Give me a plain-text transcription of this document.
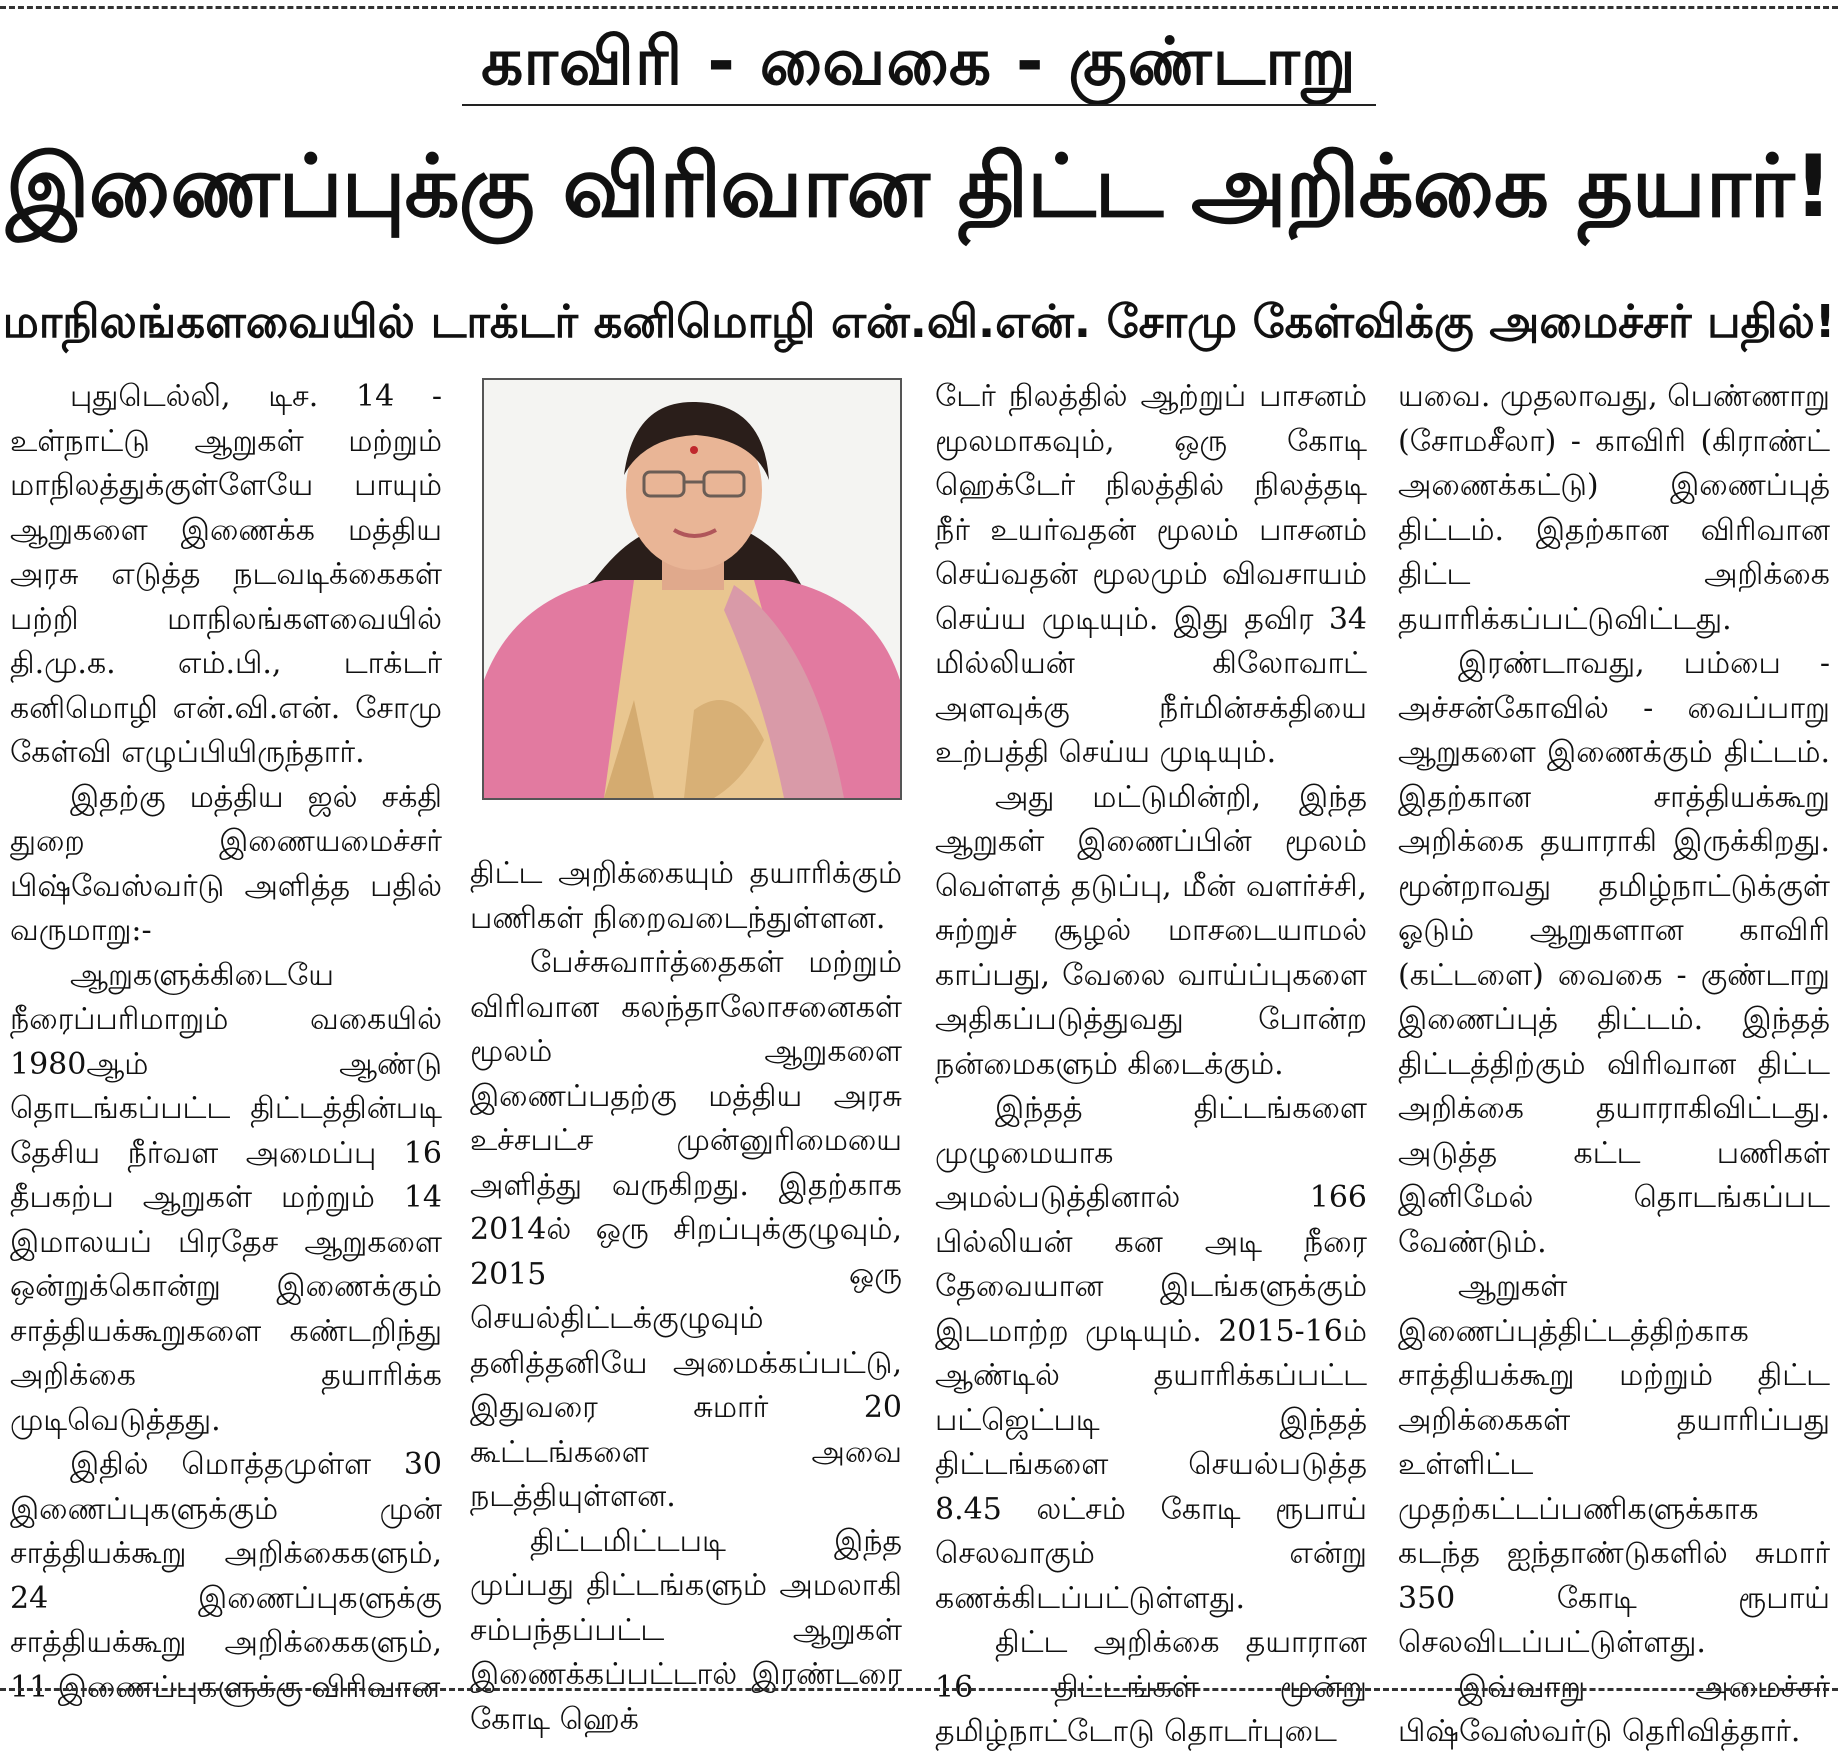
காவிரி - வைகை - குண்டாறு
இணைப்புக்கு விரிவான திட்ட அறிக்கை தயார்!
மாநிலங்களவையில் டாக்டர் கனிமொழி என்.வி.என். சோமு கேள்விக்கு அமைச்சர் பதில்!

புதுடெல்லி, டிச. 14 - உள்நாட்டு ஆறுகள் மற்றும் மாநிலத்துக்குள்ளேயே பாயும் ஆறுகளை இணைக்க மத்திய அரசு எடுத்த நடவடிக்கைகள் பற்றி மாநிலங்களவையில் தி.மு.க. எம்.பி., டாக்டர் கனிமொழி என்.வி.என். சோமு கேள்வி எழுப்பியிருந்தார்.

இதற்கு மத்திய ஜல் சக்தி துறை இணையமைச்சர் பிஷ்வேஸ்வர்டு அளித்த பதில் வருமாறு:-

ஆறுகளுக்கிடையே நீரைப்பரிமாறும் வகையில் 1980ஆம் ஆண்டு தொடங்கப்பட்ட திட்டத்தின்படி தேசிய நீர்வள அமைப்பு 16 தீபகற்ப ஆறுகள் மற்றும் 14 இமாலயப் பிரதேச ஆறுகளை ஒன்றுக்கொன்று இணைக்கும் சாத்தியக்கூறுகளை கண்டறிந்து அறிக்கை தயாரிக்க முடிவெடுத்தது.

இதில் மொத்தமுள்ள 30 இணைப்புகளுக்கும் முன் சாத்தியக்கூறு அறிக்கைகளும், 24 இணைப்புகளுக்கு சாத்தியக்கூறு அறிக்கைகளும், 11 இணைப்புகளுக்கு விரிவான

திட்ட அறிக்கையும் தயாரிக்கும் பணிகள் நிறைவடைந்துள்ளன.

பேச்சுவார்த்தைகள் மற்றும் விரிவான கலந்தாலோசனைகள் மூலம் ஆறுகளை இணைப்பதற்கு மத்திய அரசு உச்சபட்ச முன்னுரிமையை அளித்து வருகிறது. இதற்காக 2014ல் ஒரு சிறப்புக்குழுவும், 2015 ஒரு செயல்திட்டக்குழுவும் தனித்தனியே அமைக்கப்பட்டு, இதுவரை சுமார் 20 கூட்டங்களை அவை நடத்தியுள்ளன.

திட்டமிட்டபடி இந்த முப்பது திட்டங்களும் அமலாகி சம்பந்தப்பட்ட ஆறுகள் இணைக்கப்பட்டால் இரண்டரை கோடி ஹெக்

டேர் நிலத்தில் ஆற்றுப் பாசனம் மூலமாகவும், ஒரு கோடி ஹெக்டேர் நிலத்தில் நிலத்தடி நீர் உயர்வதன் மூலம் பாசனம் செய்வதன் மூலமும் விவசாயம் செய்ய முடியும். இது தவிர 34 மில்லியன் கிலோவாட் அளவுக்கு நீர்மின்சக்தியை உற்பத்தி செய்ய முடியும்.

அது மட்டுமின்றி, இந்த ஆறுகள் இணைப்பின் மூலம் வெள்ளத் தடுப்பு, மீன் வளர்ச்சி, சுற்றுச் சூழல் மாசடையாமல் காப்பது, வேலை வாய்ப்புகளை அதிகப்படுத்துவது போன்ற நன்மைகளும் கிடைக்கும்.

இந்தத் திட்டங்களை முழுமையாக அமல்படுத்தினால் 166 பில்லியன் கன அடி நீரை தேவையான இடங்களுக்கும் இடமாற்ற முடியும். 2015-16ம் ஆண்டில் தயாரிக்கப்பட்ட பட்ஜெட்படி இந்தத் திட்டங்களை செயல்படுத்த 8.45 லட்சம் கோடி ரூபாய் செலவாகும் என்று கணக்கிடப்பட்டுள்ளது.

திட்ட அறிக்கை தயாரான 16 திட்டங்கள் மூன்று தமிழ்நாட்டோடு தொடர்புடை

யவை. முதலாவது, பெண்ணாறு (சோமசீலா) - காவிரி (கிராண்ட் அணைக்கட்டு) இணைப்புத் திட்டம். இதற்கான விரிவான திட்ட அறிக்கை தயாரிக்கப்பட்டுவிட்டது.

இரண்டாவது, பம்பை - அச்சன்கோவில் - வைப்பாறு ஆறுகளை இணைக்கும் திட்டம். இதற்கான சாத்தியக்கூறு அறிக்கை தயாராகி இருக்கிறது. மூன்றாவது தமிழ்நாட்டுக்குள் ஓடும் ஆறுகளான காவிரி (கட்டளை) வைகை - குண்டாறு இணைப்புத் திட்டம். இந்தத் திட்டத்திற்கும் விரிவான திட்ட அறிக்கை தயாராகிவிட்டது. அடுத்த கட்ட பணிகள் இனிமேல் தொடங்கப்பட வேண்டும்.

ஆறுகள் இணைப்புத்திட்டத்திற்காக சாத்தியக்கூறு மற்றும் திட்ட அறிக்கைகள் தயாரிப்பது உள்ளிட்ட முதற்கட்டப்பணிகளுக்காக கடந்த ஐந்தாண்டுகளில் சுமார் 350 கோடி ரூபாய் செலவிடப்பட்டுள்ளது.

இவ்வாறு அமைச்சர் பிஷ்வேஸ்வர்டு தெரிவித்தார்.
